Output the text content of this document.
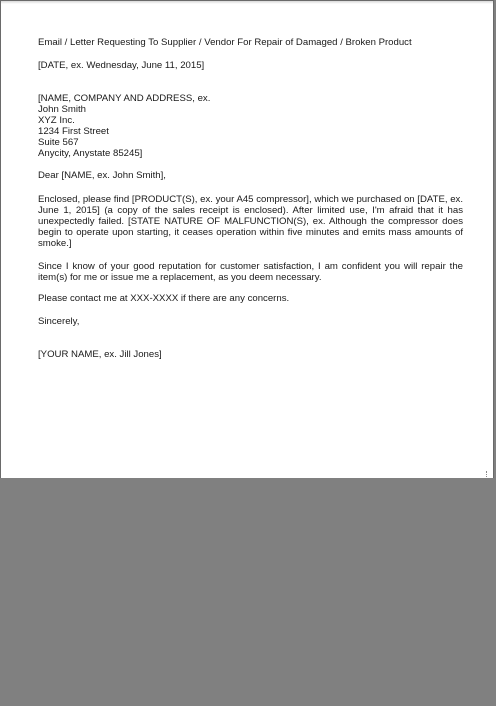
Email / Letter Requesting To Supplier / Vendor For Repair of Damaged / Broken Product
[DATE, ex. Wednesday, June 11, 2015]
[NAME, COMPANY AND ADDRESS, ex.
John Smith
XYZ Inc.
1234 First Street
Suite 567
Anycity, Anystate 85245]
Dear [NAME, ex. John Smith],
Enclosed, please find [PRODUCT(S), ex. your A45 compressor], which we purchased on [DATE, ex. June 1, 2015] (a copy of the sales receipt is enclosed). After limited use, I'm afraid that it has unexpectedly failed. [STATE NATURE OF MALFUNCTION(S), ex. Although the compressor does begin to operate upon starting, it ceases operation within five minutes and emits mass amounts of smoke.]
Since I know of your good reputation for customer satisfaction, I am confident you will repair the item(s) for me or issue me a replacement, as you deem necessary.
Please contact me at XXX-XXXX if there are any concerns.
Sincerely,
[YOUR NAME, ex. Jill Jones]
